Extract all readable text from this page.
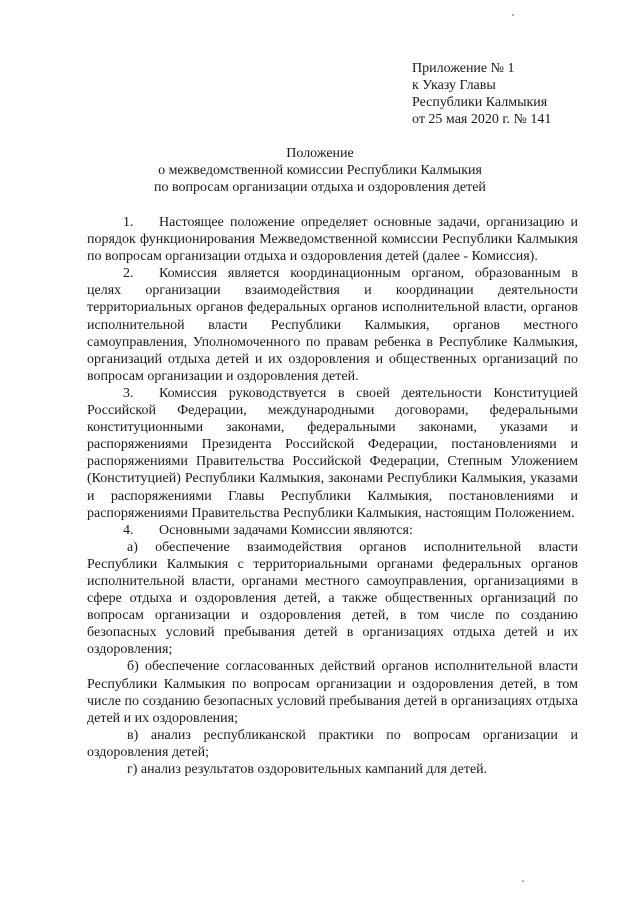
Приложение № 1
к Указу Главы
Республики Калмыкия
от 25 мая 2020 г. № 141
Положение
о межведомственной комиссии Республики Калмыкия
по вопросам организации отдыха и оздоровления детей

1. Настоящее положение определяет основные задачи, организацию и порядок функционирования Межведомственной комиссии Республики Калмыкия по вопросам организации отдыха и оздоровления детей (далее - Комиссия).

2. Комиссия является координационным органом, образованным в целях организации взаимодействия и координации деятельности территориальных органов федеральных органов исполнительной власти, органов исполнительной власти Республики Калмыкия, органов местного самоуправления, Уполномоченного по правам ребенка в Республике Калмыкия, организаций отдыха детей и их оздоровления и общественных организаций по вопросам организации и оздоровления детей.

3. Комиссия руководствуется в своей деятельности Конституцией Российской Федерации, международными договорами, федеральными конституционными законами, федеральными законами, указами и распоряжениями Президента Российской Федерации, постановлениями и распоряжениями Правительства Российской Федерации, Степным Уложением (Конституцией) Республики Калмыкия, законами Республики Калмыкия, указами и распоряжениями Главы Республики Калмыкия, постановлениями и распоряжениями Правительства Республики Калмыкия, настоящим Положением.

4. Основными задачами Комиссии являются:

а) обеспечение взаимодействия органов исполнительной власти Республики Калмыкия с территориальными органами федеральных органов исполнительной власти, органами местного самоуправления, организациями в сфере отдыха и оздоровления детей, а также общественных организаций по вопросам организации и оздоровления детей, в том числе по созданию безопасных условий пребывания детей в организациях отдыха детей и их оздоровления;

б) обеспечение согласованных действий органов исполнительной власти Республики Калмыкия по вопросам организации и оздоровления детей, в том числе по созданию безопасных условий пребывания детей в организациях отдыха детей и их оздоровления;

в) анализ республиканской практики по вопросам организации и оздоровления детей;

г) анализ результатов оздоровительных кампаний для детей.
